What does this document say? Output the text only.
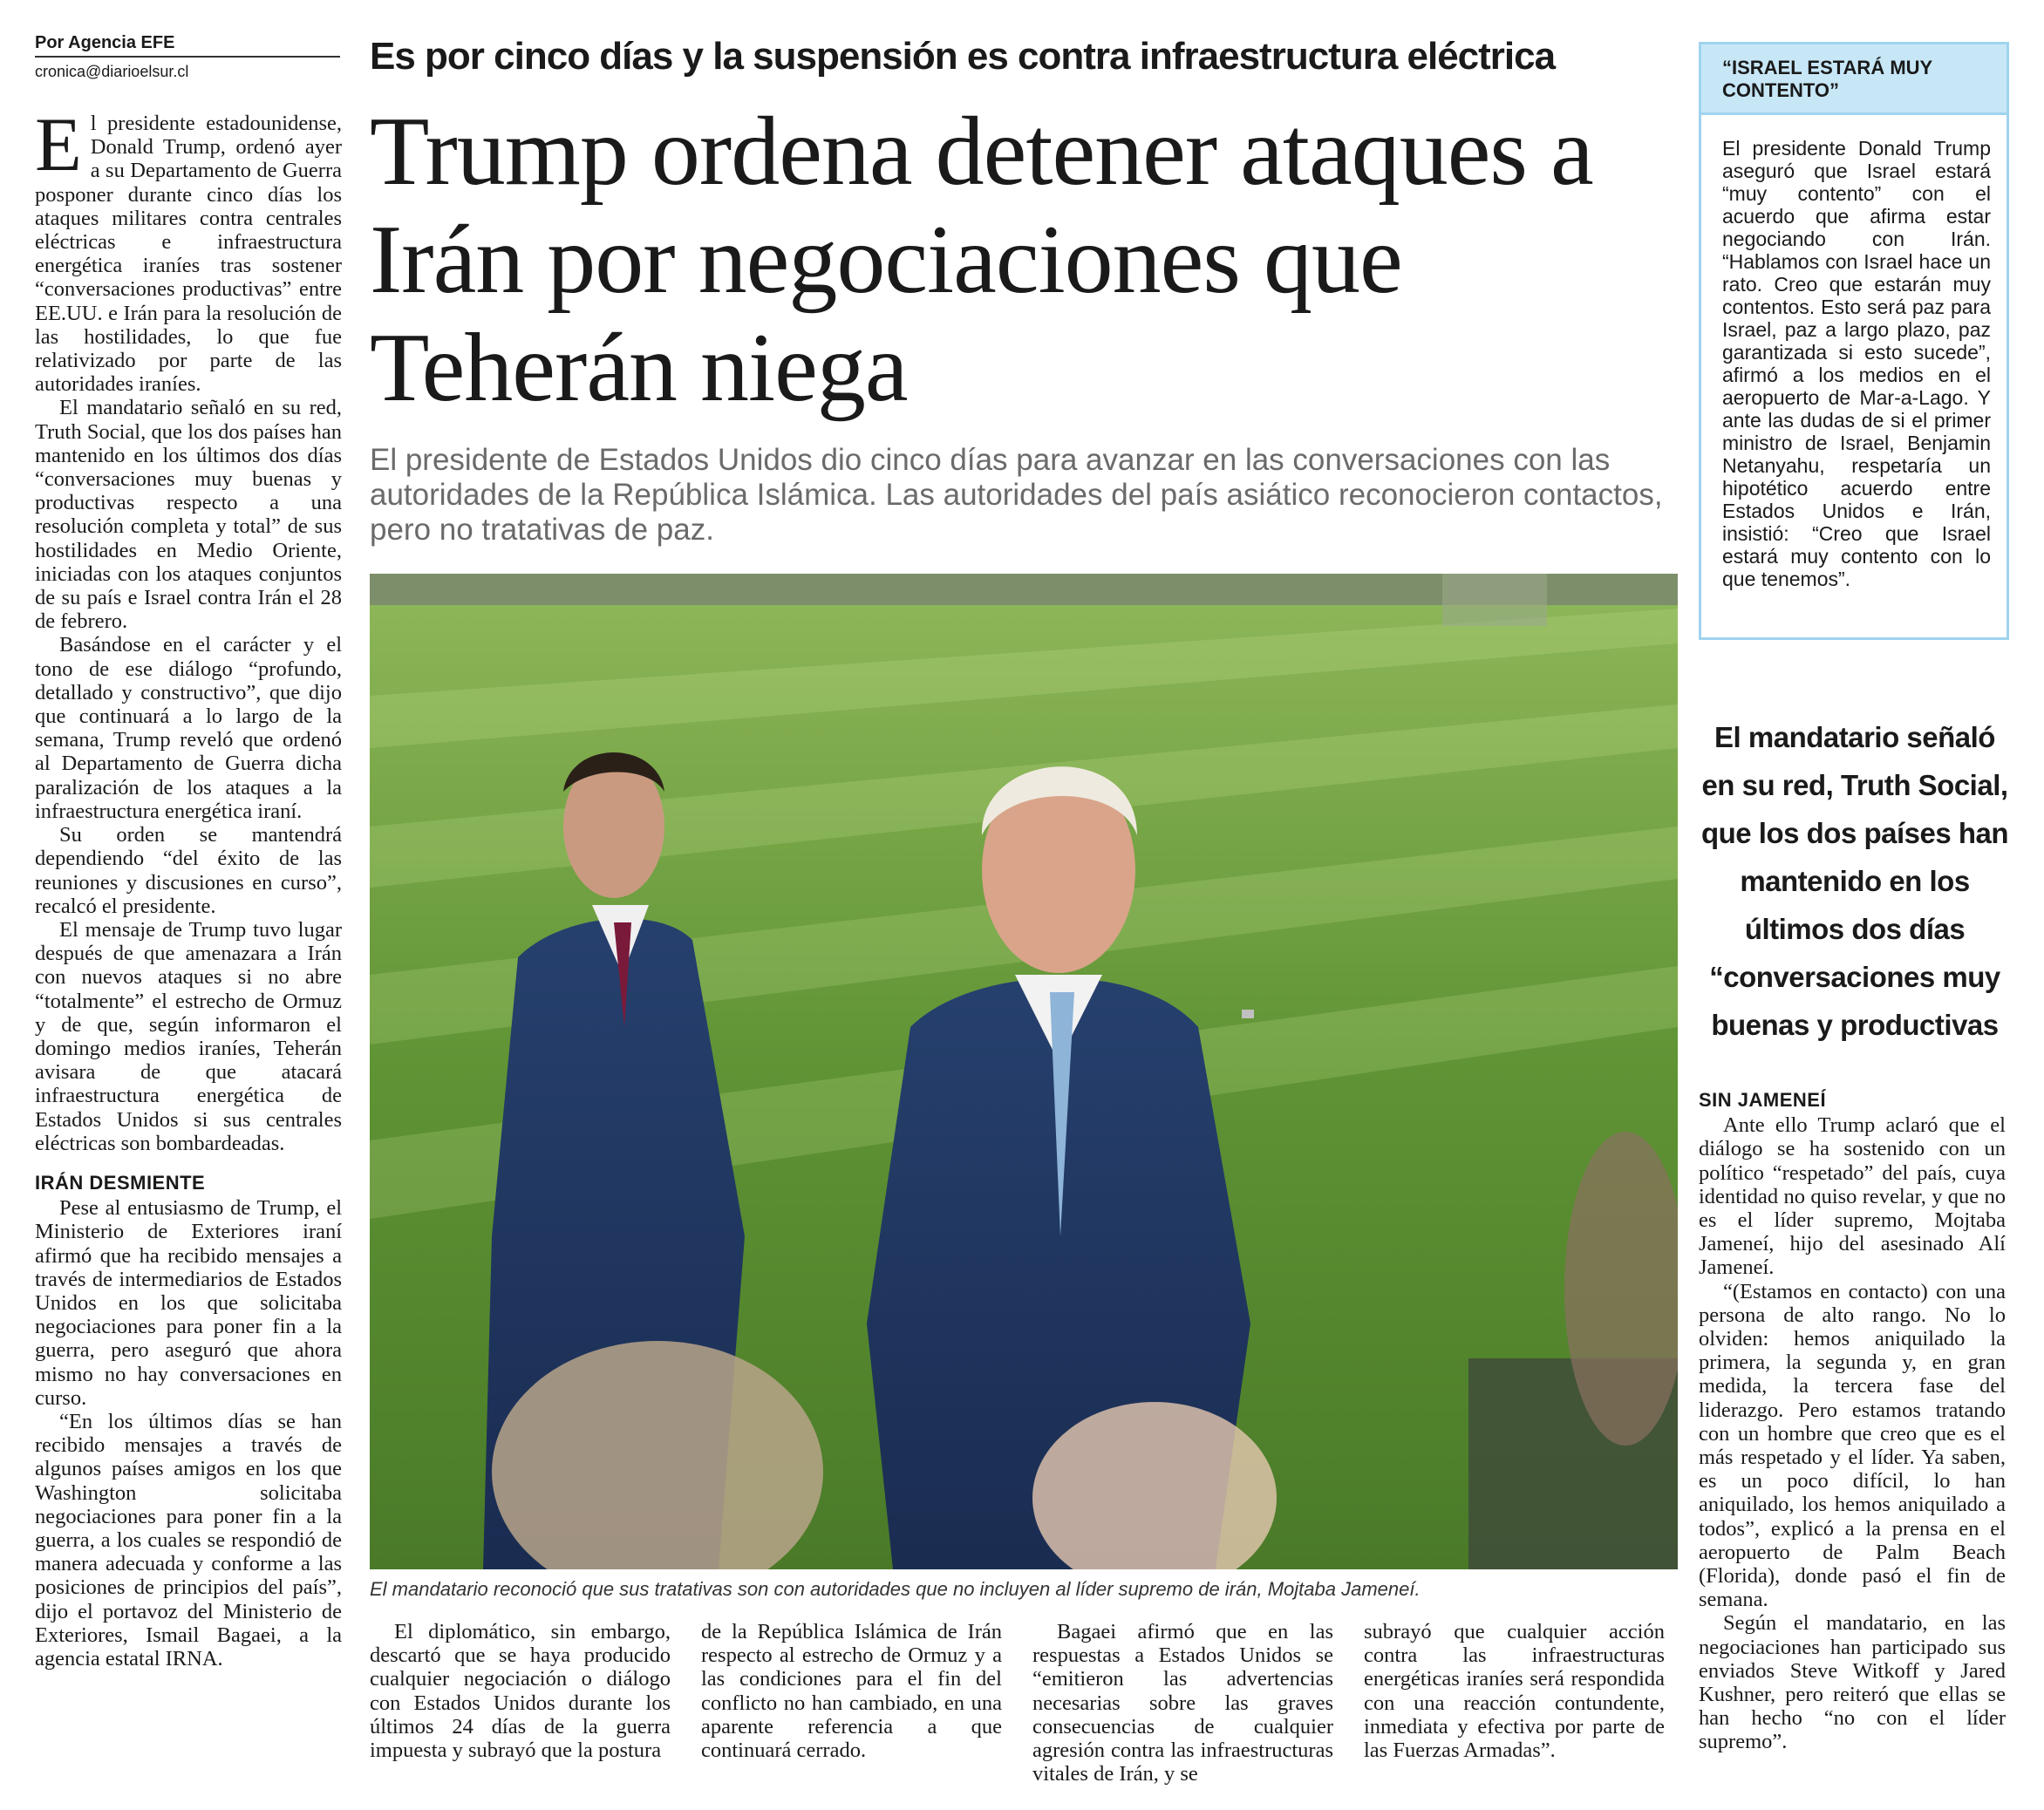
Por Agencia EFE
cronica@diarioelsur.cl

El presidente estadounidense, Donald Trump, ordenó ayer a su Departamento de Guerra posponer durante cinco días los ataques militares contra centrales eléctricas e infraestructura energética iraníes tras sostener “conversaciones productivas” entre EE.UU. e Irán para la resolución de las hostilidades, lo que fue relativizado por parte de las autoridades iraníes.

El mandatario señaló en su red, Truth Social, que los dos países han mantenido en los últimos dos días “conversaciones muy buenas y productivas respecto a una resolución completa y total” de sus hostilidades en Medio Oriente, iniciadas con los ataques conjuntos de su país e Israel contra Irán el 28 de febrero.

Basándose en el carácter y el tono de ese diálogo “profundo, detallado y constructivo”, que dijo que continuará a lo largo de la semana, Trump reveló que ordenó al Departamento de Guerra dicha paralización de los ataques a la infraestructura energética iraní.

Su orden se mantendrá dependiendo “del éxito de las reuniones y discusiones en curso”, recalcó el presidente.

El mensaje de Trump tuvo lugar después de que amenazara a Irán con nuevos ataques si no abre “totalmente” el estrecho de Ormuz y de que, según informaron el domingo medios iraníes, Teherán avisara de que atacará infraestructura energética de Estados Unidos si sus centrales eléctricas son bombardeadas.

IRÁN DESMIENTE

Pese al entusiasmo de Trump, el Ministerio de Exteriores iraní afirmó que ha recibido mensajes a través de intermediarios de Estados Unidos en los que solicitaba negociaciones para poner fin a la guerra, pero aseguró que ahora mismo no hay conversaciones en curso.

“En los últimos días se han recibido mensajes a través de algunos países amigos en los que Washington solicitaba negociaciones para poner fin a la guerra, a los cuales se respondió de manera adecuada y conforme a las posiciones de principios del país”, dijo el portavoz del Ministerio de Exteriores, Ismail Bagaei, a la agencia estatal IRNA.

Es por cinco días y la suspensión es contra infraestructura eléctrica
Trump ordena detener ataques a Irán por negociaciones que Teherán niega
El presidente de Estados Unidos dio cinco días para avanzar en las conversaciones con las autoridades de la República Islámica. Las autoridades del país asiático reconocieron contactos, pero no tratativas de paz.
El mandatario reconoció que sus tratativas son con autoridades que no incluyen al líder supremo de irán, Mojtaba Jameneí.

El diplomático, sin embargo, descartó que se haya producido cualquier negociación o diálogo con Estados Unidos durante los últimos 24 días de la guerra impuesta y subrayó que la postura

de la República Islámica de Irán respecto al estrecho de Ormuz y a las condiciones para el fin del conflicto no han cambiado, en una aparente referencia a que continuará cerrado.

Bagaei afirmó que en las respuestas a Estados Unidos se “emitieron las advertencias necesarias sobre las graves consecuencias de cualquier agresión contra las infraestructuras vitales de Irán, y se

subrayó que cualquier acción contra las infraestructuras energéticas iraníes será respondida con una reacción contundente, inmediata y efectiva por parte de las Fuerzas Armadas”.

“ISRAEL ESTARÁ MUY CONTENTO”
El presidente Donald Trump aseguró que Israel estará “muy contento” con el acuerdo que afirma estar negociando con Irán. “Hablamos con Israel hace un rato. Creo que estarán muy contentos. Esto será paz para Israel, paz a largo plazo, paz garantizada si esto sucede”, afirmó a los medios en el aeropuerto de Mar-a-Lago. Y ante las dudas de si el primer ministro de Israel, Benjamin Netanyahu, respetaría un hipotético acuerdo entre Estados Unidos e Irán, insistió: “Creo que Israel estará muy contento con lo que tenemos”.
El mandatario señaló en su red, Truth Social, que los dos países han mantenido en los últimos dos días “conversaciones muy buenas y productivas
SIN JAMENEÍ

Ante ello Trump aclaró que el diálogo se ha sostenido con un político “respetado” del país, cuya identidad no quiso revelar, y que no es el líder supremo, Mojtaba Jameneí, hijo del asesinado Alí Jameneí.

“(Estamos en contacto) con una persona de alto rango. No lo olviden: hemos aniquilado la primera, la segunda y, en gran medida, la tercera fase del liderazgo. Pero estamos tratando con un hombre que creo que es el más respetado y el líder. Ya saben, es un poco difícil, lo han aniquilado, los hemos aniquilado a todos”, explicó a la prensa en el aeropuerto de Palm Beach (Florida), donde pasó el fin de semana.

Según el mandatario, en las negociaciones han participado sus enviados Steve Witkoff y Jared Kushner, pero reiteró que ellas se han hecho “no con el líder supremo”.
